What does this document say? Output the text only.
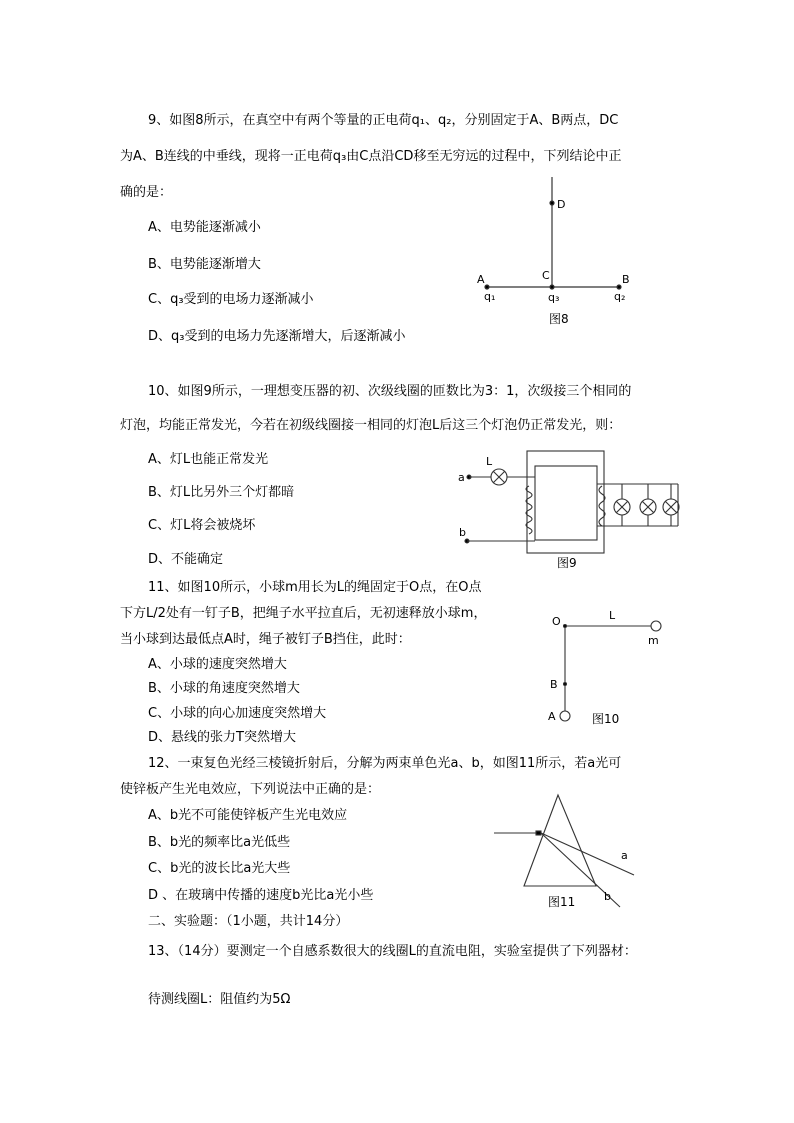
9、如图8所示，在真空中有两个等量的正电荷q₁、q₂，分别固定于A、B两点，DC
为A、B连线的中垂线，现将一正电荷q₃由C点沿CD移至无穷远的过程中，下列结论中正
确的是：
A、电势能逐渐减小
B、电势能逐渐增大
C、q₃受到的电场力逐渐减小
D、q₃受到的电场力先逐渐增大，后逐渐减小
10、如图9所示，一理想变压器的初、次级线圈的匝数比为3：1，次级接三个相同的
灯泡，均能正常发光，今若在初级线圈接一相同的灯泡L后这三个灯泡仍正常发光，则：
A、灯L也能正常发光
B、灯L比另外三个灯都暗
C、灯L将会被烧坏
D、不能确定
11、如图10所示，小球m用长为L的绳固定于O点，在O点
下方L/2处有一钉子B，把绳子水平拉直后，无初速释放小球m，
当小球到达最低点A时，绳子被钉子B挡住，此时：
A、小球的速度突然增大
B、小球的角速度突然增大
C、小球的向心加速度突然增大
D、悬线的张力T突然增大
12、一束复色光经三棱镜折射后，分解为两束单色光a、b，如图11所示，若a光可
使锌板产生光电效应，下列说法中正确的是：
A、b光不可能使锌板产生光电效应
B、b光的频率比a光低些
C、b光的波长比a光大些
D 、在玻璃中传播的速度b光比a光小些
二、实验题：（1小题，共计14分）
13、（14分）要测定一个自感系数很大的线圈L的直流电阻，实验室提供了下列器材：
待测线圈L：阻值约为5Ω
D
A	C	B
q₁	q₃	q₂
图8
a
b
L
图9
O	L
m
B
A	图10
a
b
图11
